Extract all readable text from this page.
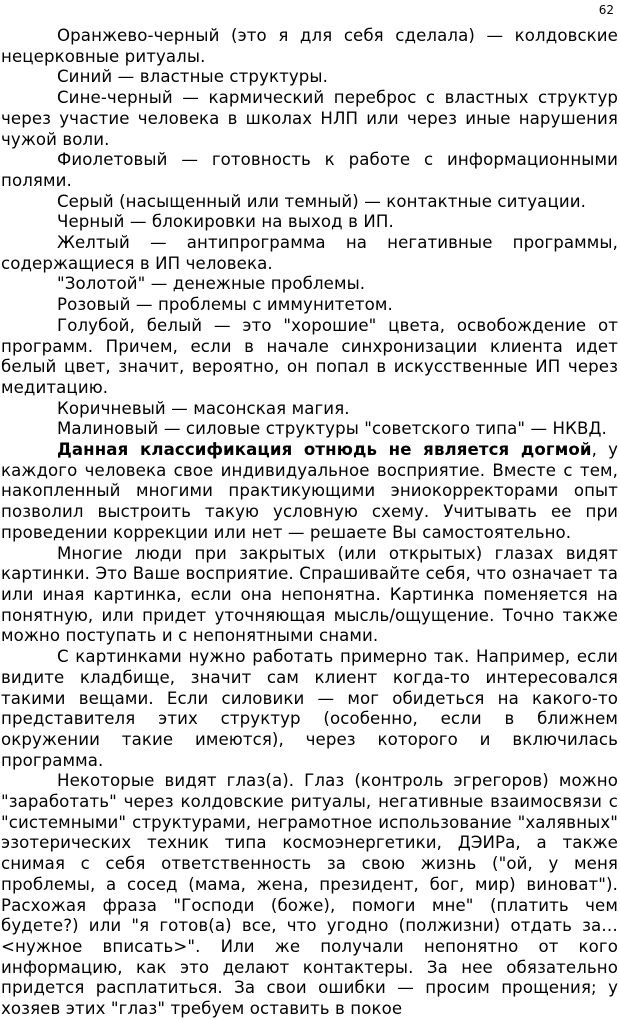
62

Оранжево-черный (это я для себя сделала) — колдовские нецерковные ритуалы.

Синий — властные структуры.

Сине-черный — кармический переброс с властных структур через участие человека в школах НЛП или через иные нарушения чужой воли.

Фиолетовый — готовность к работе с информационными полями.

Серый (насыщенный или темный) — контактные ситуации.

Черный — блокировки на выход в ИП.

Желтый — антипрограмма на негативные программы, содержащиеся в ИП человека.

"Золотой" — денежные проблемы.

Розовый — проблемы с иммунитетом.

Голубой, белый — это "хорошие" цвета, освобождение от программ. Причем, если в начале синхронизации клиента идет белый цвет, значит, вероятно, он попал в искусственные ИП через медитацию.

Коричневый — масонская магия.

Малиновый — силовые структуры "советского типа" — НКВД.

Данная классификация отнюдь не является догмой, у каждого человека свое индивидуальное восприятие. Вместе с тем, накопленный многими практикующими эниокорректорами опыт позволил выстроить такую условную схему. Учитывать ее при проведении коррекции или нет — решаете Вы самостоятельно.

Многие люди при закрытых (или открытых) глазах видят картинки. Это Ваше восприятие. Спрашивайте себя, что означает та или иная картинка, если она непонятна. Картинка поменяется на понятную, или придет уточняющая мысль/ощущение. Точно также можно поступать и с непонятными снами.

С картинками нужно работать примерно так. Например, если видите кладбище, значит сам клиент когда-то интересовался такими вещами. Если силовики — мог обидеться на какого-то представителя этих структур (особенно, если в ближнем окружении такие имеются), через которого и включилась программа.

Некоторые видят глаз(а). Глаз (контроль эгрегоров) можно "заработать" через колдовские ритуалы, негативные взаимосвязи с "системными" структурами, неграмотное использование "халявных" эзотерических техник типа космоэнергетики, ДЭИРа, а также снимая с себя ответственность за свою жизнь ("ой, у меня проблемы, а сосед (мама, жена, президент, бог, мир) виноват"). Расхожая фраза "Господи (боже), помоги мне" (платить чем будете?) или "я готов(а) все, что угодно (полжизни) отдать за… <нужное вписать>". Или же получали непонятно от кого информацию, как это делают контактеры. За нее обязательно придется расплатиться. За свои ошибки — просим прощения; у хозяев этих "глаз" требуем оставить в покое
